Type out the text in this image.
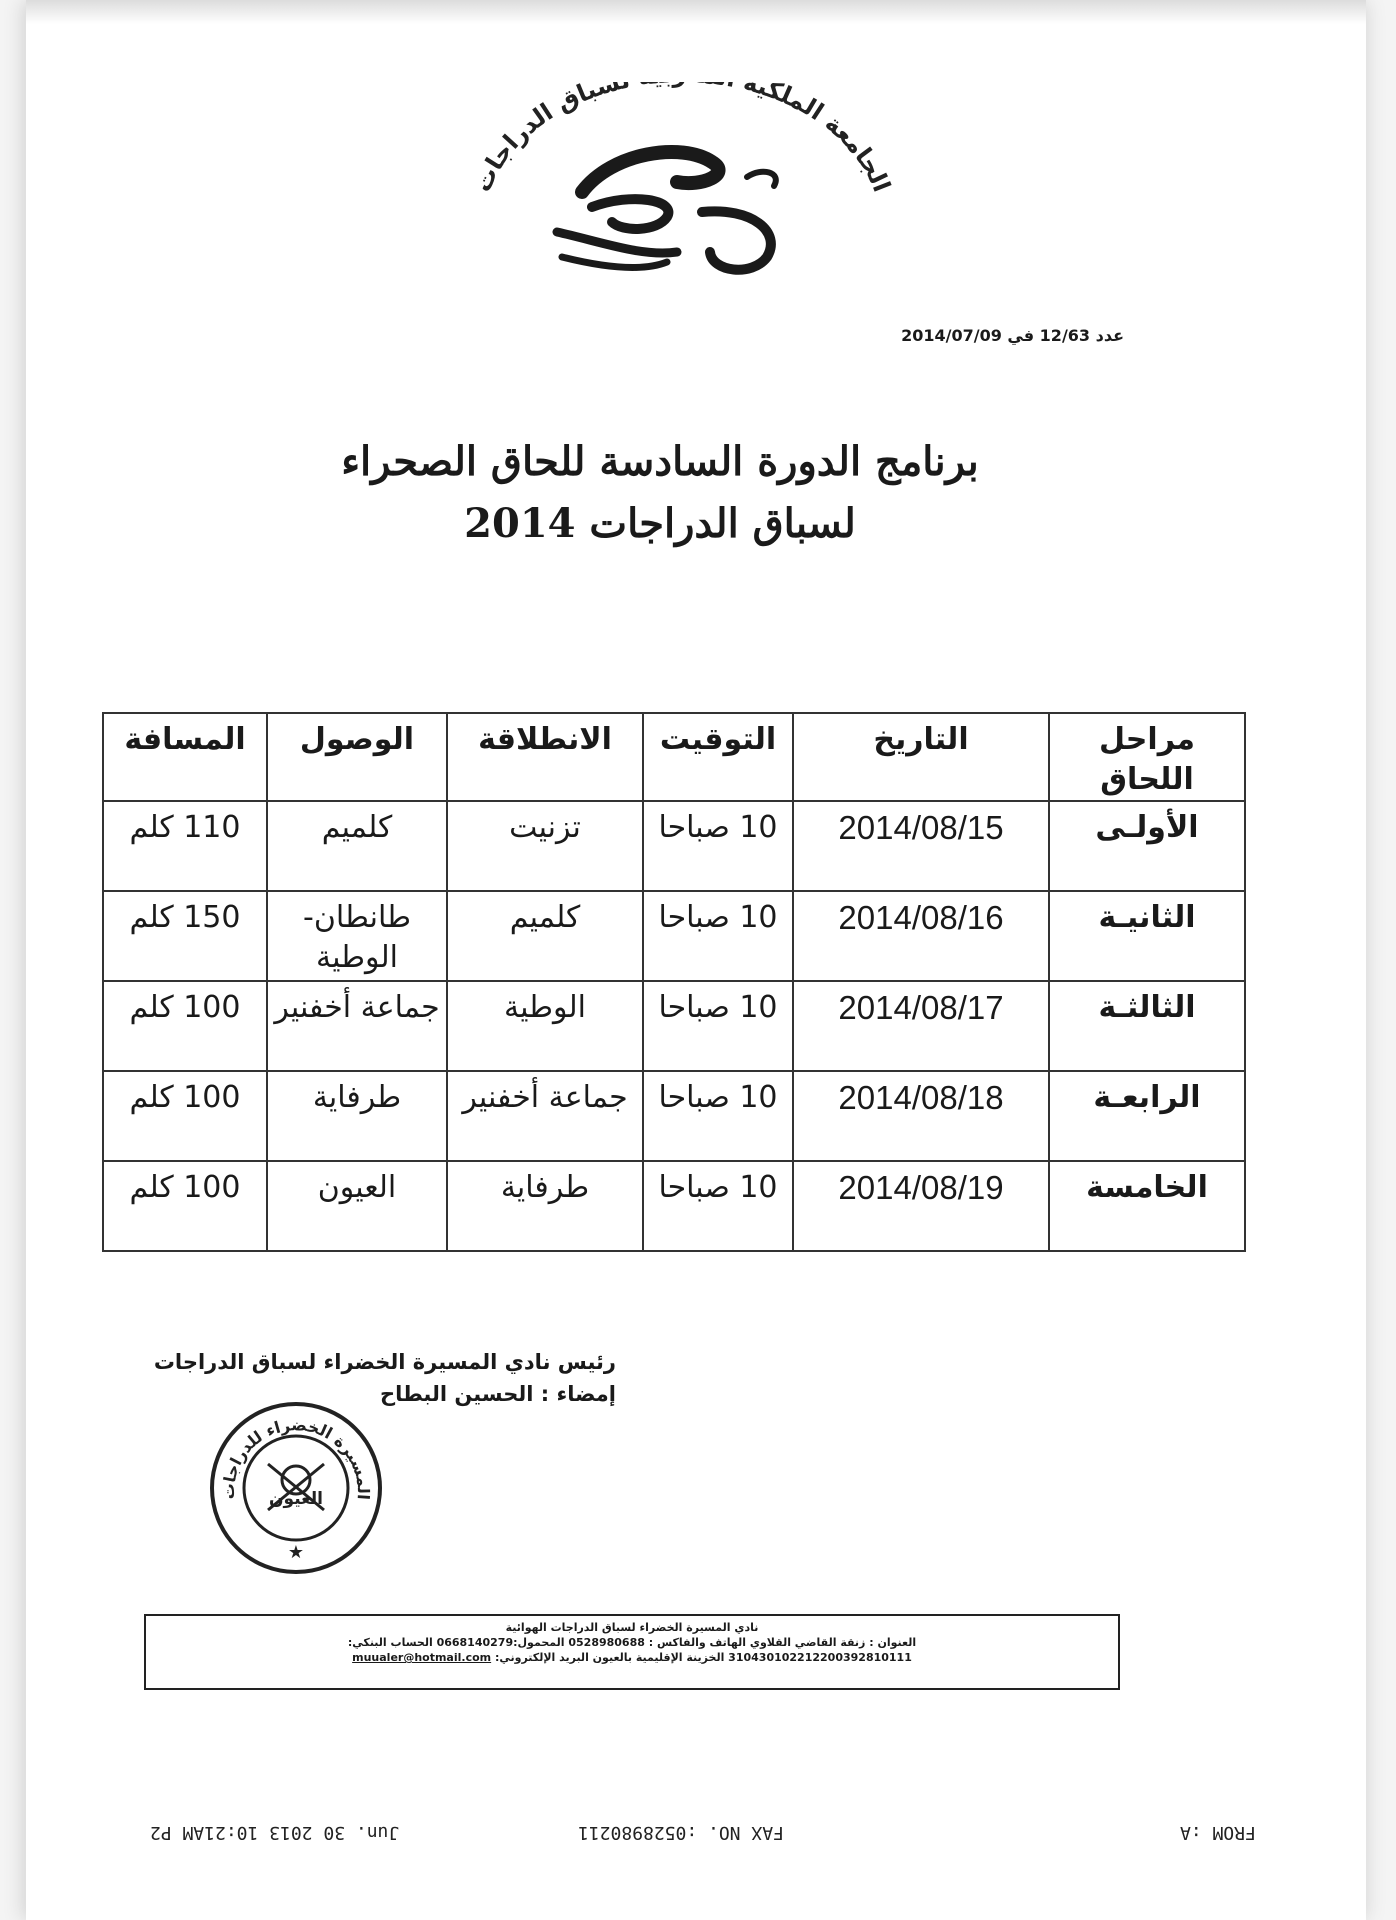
الجامعة الملكية سباق الدراجات
عدد 12/63 في 2014/07/09
برنامج الدورة السادسة للحاق الصحراء
لسباق الدراجات 2014
مراحل اللحاق	التاريخ	التوقيت	الانطلاقة	الوصول	المسافة
الأولـى	2014/08/15	10 صباحا	تزنيت	كلميم	110 كلم
الثانيـة	2014/08/16	10 صباحا	كلميم	طانطان- الوطية	150 كلم
الثالثـة	2014/08/17	10 صباحا	الوطية	جماعة أخفنير	100 كلم
الرابعـة	2014/08/18	10 صباحا	جماعة أخفنير	طرفاية	100 كلم
الخامسة	2014/08/19	10 صباحا	طرفاية	العيون	100 كلم
رئيس نادي المسيرة الخضراء لسباق الدراجات
إمضاء : الحسين البطاح
المسيرة الخضراء للدراجات
العيون
★
نادي المسيرة الخضراء لسباق الدراجات الهوائية
العنوان : زنقة القاضي القلاوي الهاتف والفاكس : 0528980688 المحمول:0668140279 الحساب البنكي:
310430102212200392810111 الخزينة الإقليمية بالعيون البريد الإلكتروني: muualer@hotmail.com
Jun. 30 2013 10:21AM P2	FAX NO. :0528980211	FROM :A
